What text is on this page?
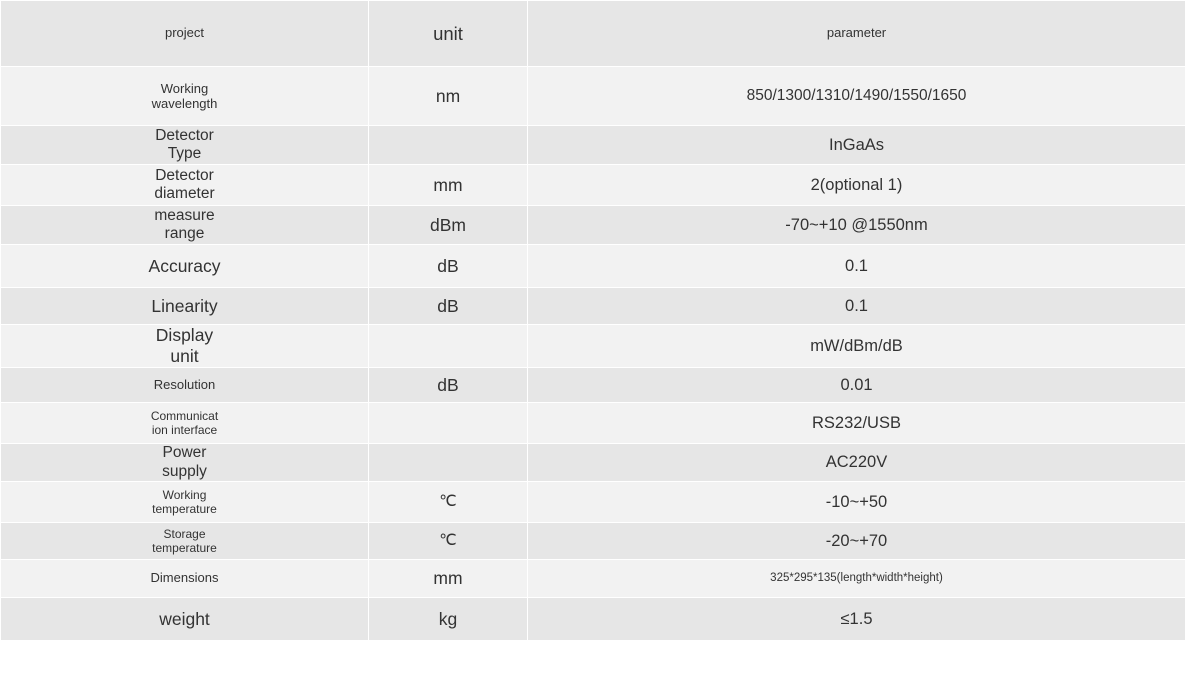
project	unit	parameter

Working
wavelength	nm	850/1300/1310/1490/1550/1650

Detector
Type		InGaAs

Detector
diameter	mm	2(optional 1)

measure
range	dBm	-70~+10 @1550nm
Accuracy	dB	0.1
Linearity	dB	0.1

Display
unit		mW/dBm/dB
Resolution	dB	0.01

Communicat
ion interface		RS232/USB

Power
supply		AC220V

Working
temperature	℃	-10~+50

Storage
temperature	℃	-20~+70
Dimensions	mm	325*295*135(length*width*height)
weight	kg	≤1.5
